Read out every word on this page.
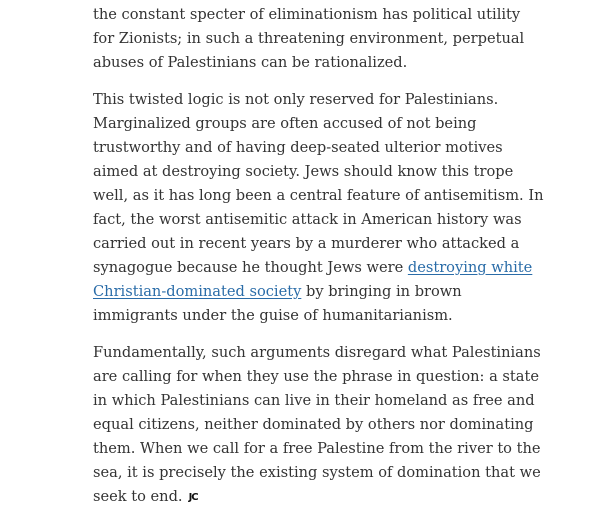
the constant specter of eliminationism has political utility for Zionists; in such a threatening environment, perpetual abuses of Palestinians can be rationalized.

This twisted logic is not only reserved for Palestinians. Marginalized groups are often accused of not being trustworthy and of having deep-seated ulterior motives aimed at destroying society. Jews should know this trope well, as it has long been a central feature of antisemitism. In fact, the worst antisemitic attack in American history was carried out in recent years by a murderer who attacked a synagogue because he thought Jews were destroying white Christian-dominated society by bringing in brown immigrants under the guise of humanitarianism.

Fundamentally, such arguments disregard what Palestinians are calling for when they use the phrase in question: a state in which Palestinians can live in their homeland as free and equal citizens, neither dominated by others nor dominating them. When we call for a free Palestine from the river to the sea, it is precisely the existing system of domination that we seek to end. JC
